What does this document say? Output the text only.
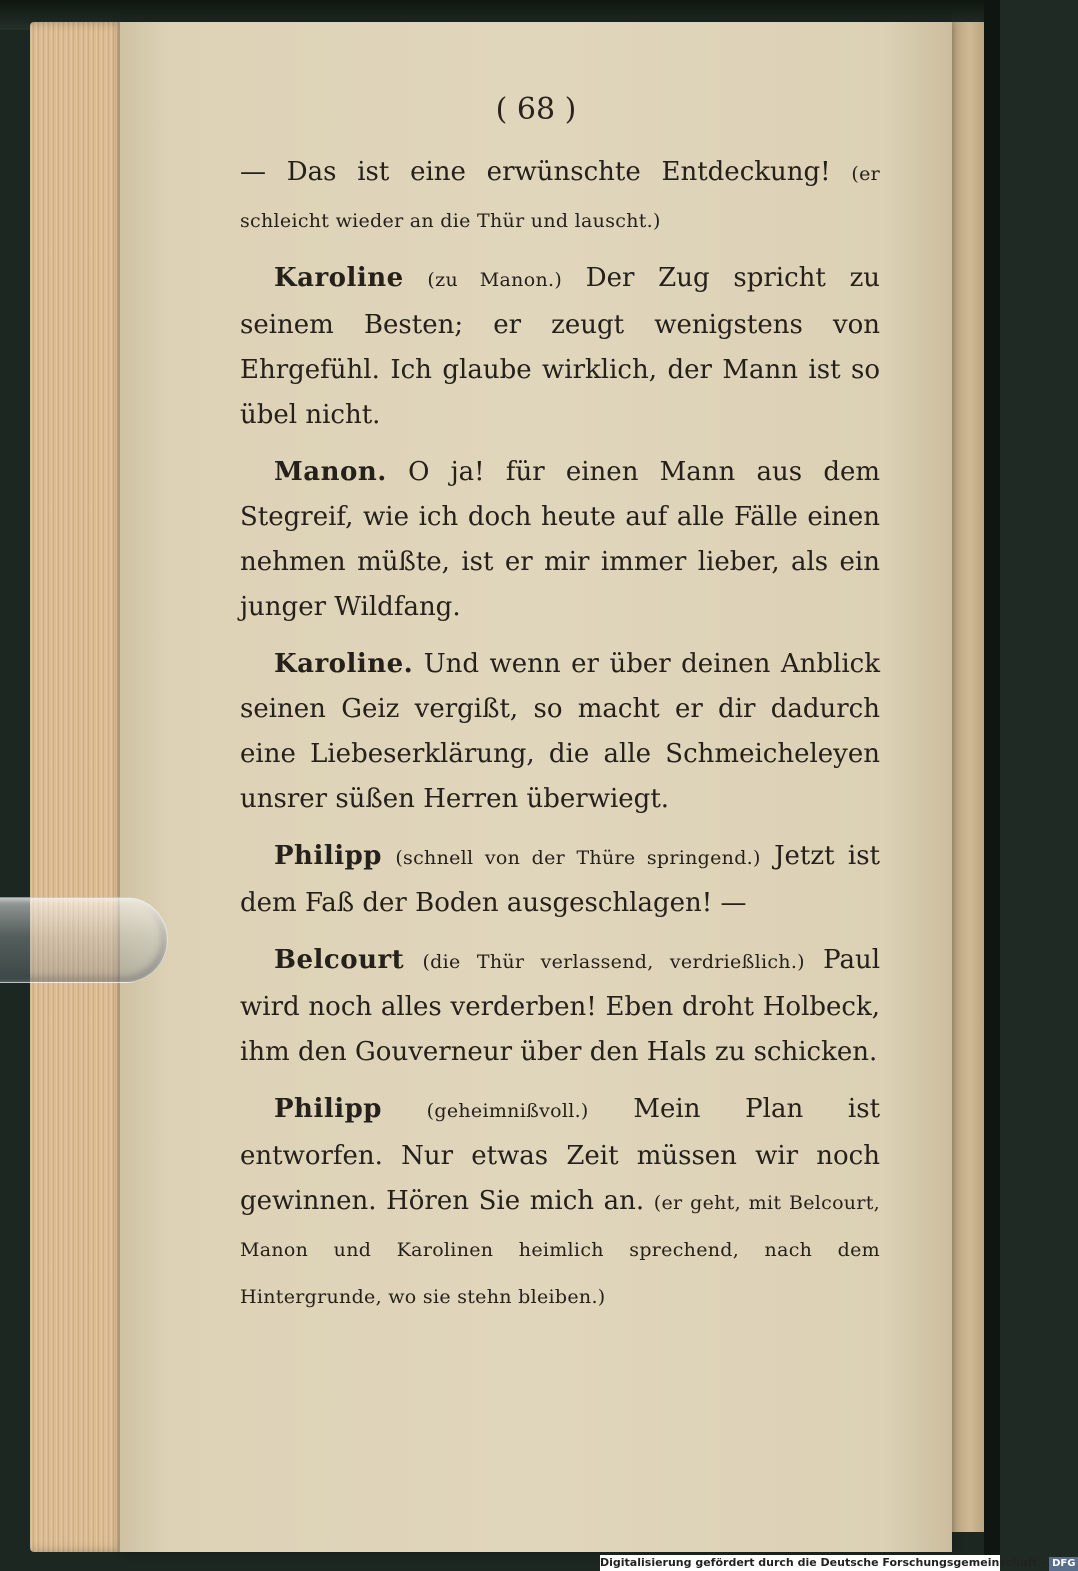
( 68 )

— Das ist eine erwünschte Entdeckung! (er schleicht wieder an die Thür und lauscht.)

Karoline (zu Manon.) Der Zug spricht zu seinem Besten; er zeugt wenigstens von Ehrgefühl. Ich glaube wirklich, der Mann ist so übel nicht.

Manon. O ja! für einen Mann aus dem Stegreif, wie ich doch heute auf alle Fälle einen nehmen müßte, ist er mir immer lieber, als ein junger Wildfang.

Karoline. Und wenn er über deinen Anblick seinen Geiz vergißt, so macht er dir dadurch eine Liebeserklärung, die alle Schmeicheleyen unsrer süßen Herren überwiegt.

Philipp (schnell von der Thüre springend.) Jetzt ist dem Faß der Boden ausgeschlagen! —

Belcourt (die Thür verlassend, verdrießlich.) Paul wird noch alles verderben! Eben droht Holbeck, ihm den Gouverneur über den Hals zu schicken.

Philipp (geheimnißvoll.) Mein Plan ist entworfen. Nur etwas Zeit müssen wir noch gewinnen. Hören Sie mich an. (er geht, mit Belcourt, Manon und Karolinen heimlich sprechend, nach dem Hintergrunde, wo sie stehn bleiben.)

Digitalisierung gefördert durch die Deutsche Forschungsgemeinschaft - DFG
